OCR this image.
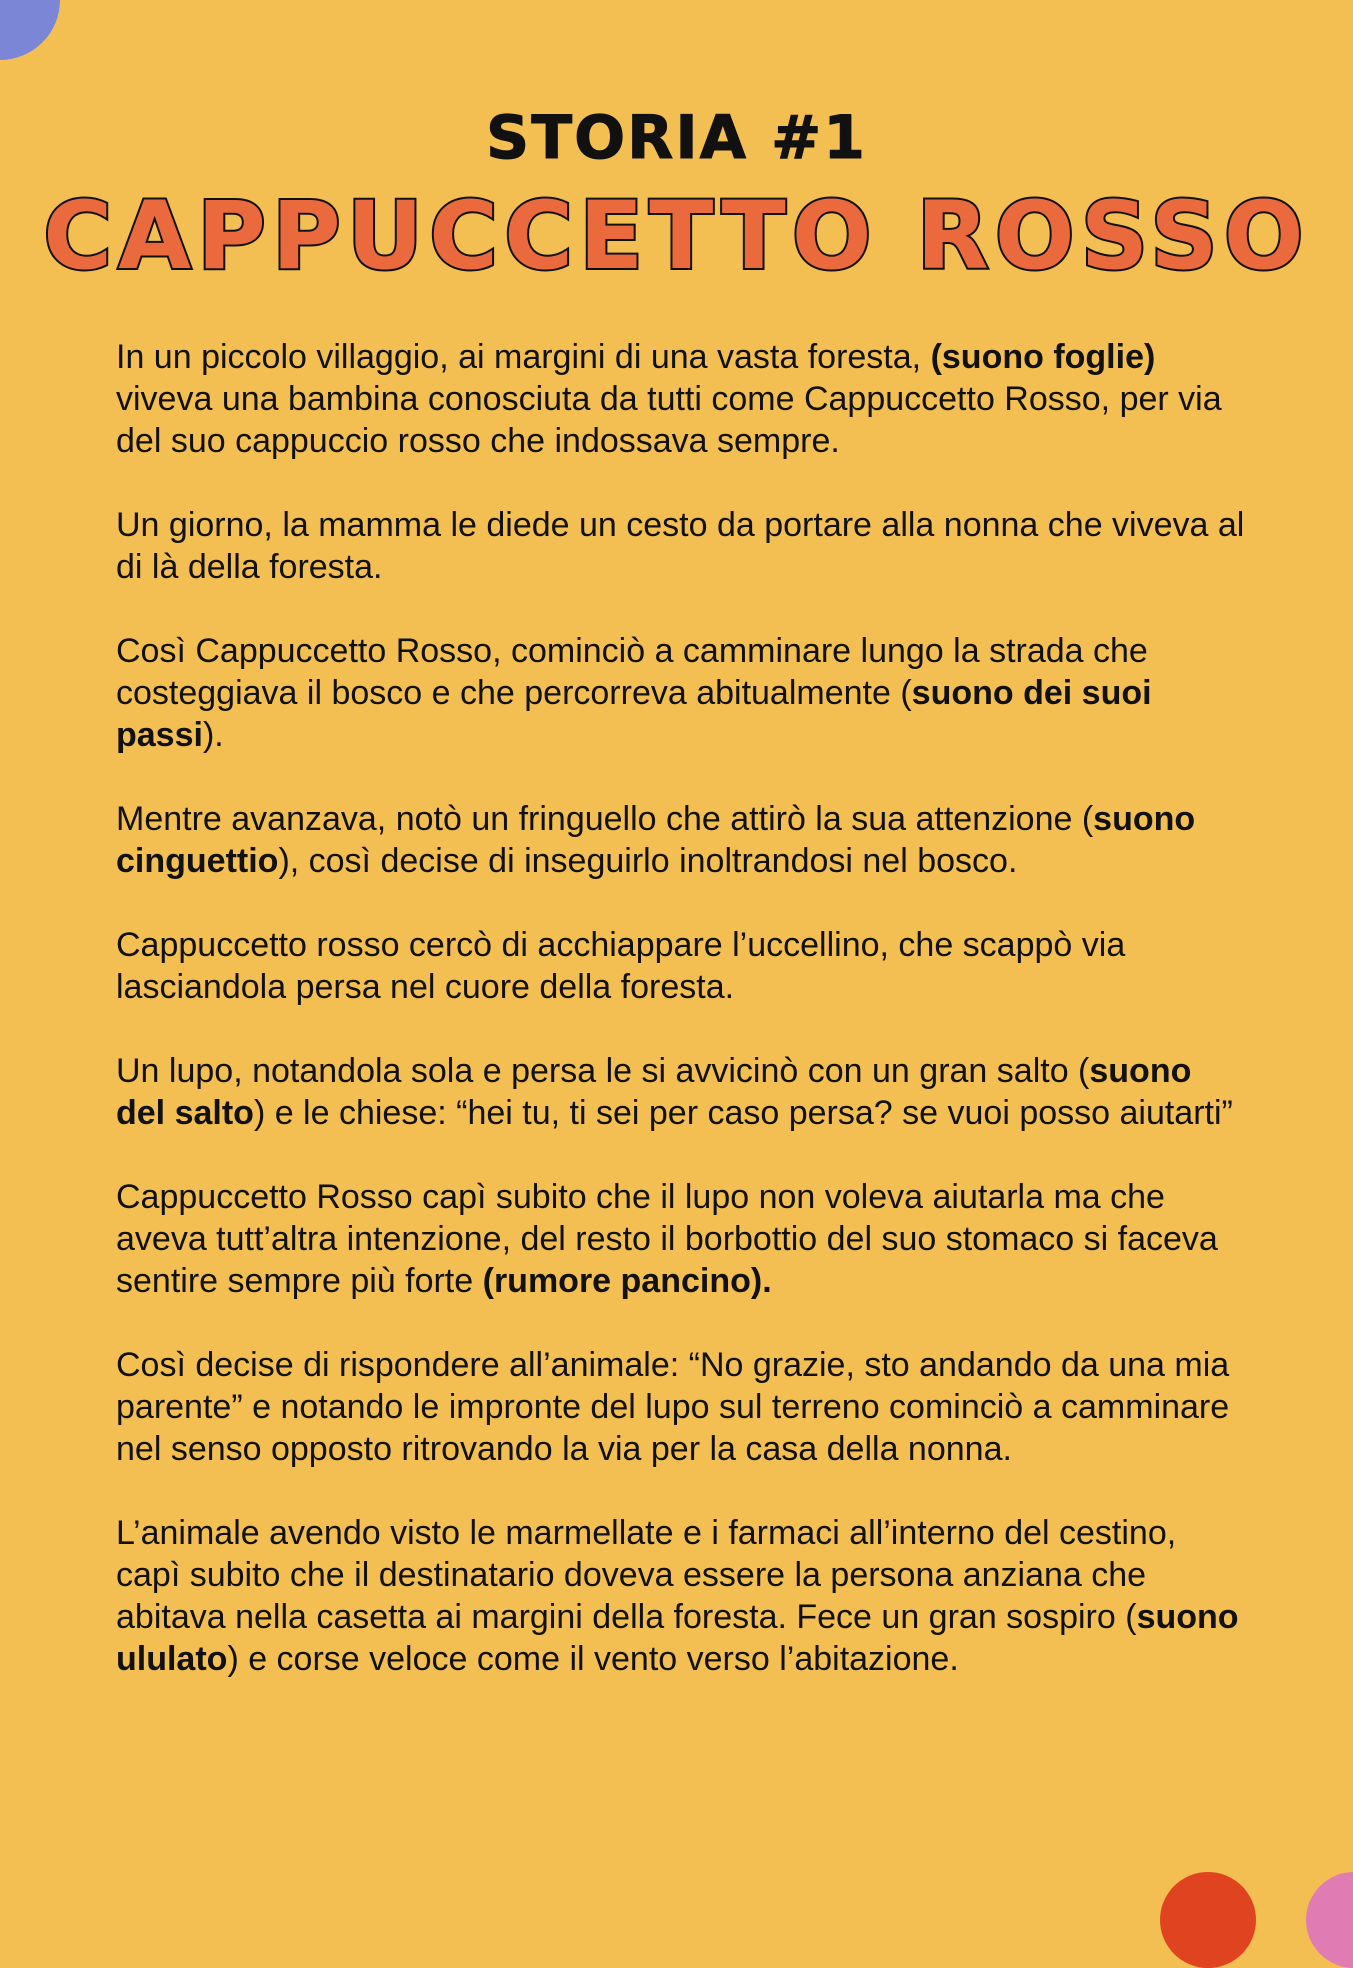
STORIA #1
CAPPUCCETTO ROSSO

In un piccolo villaggio, ai margini di una vasta foresta, (suono foglie) viveva una bambina conosciuta da tutti come Cappuccetto Rosso, per via del suo cappuccio rosso che indossava sempre.

Un giorno, la mamma le diede un cesto da portare alla nonna che viveva al di là della foresta.

Così Cappuccetto Rosso, cominciò a camminare lungo la strada che costeggiava il bosco e che percorreva abitualmente (suono dei suoi passi).

Mentre avanzava, notò un fringuello che attirò la sua attenzione (suono cinguettio), così decise di inseguirlo inoltrandosi nel bosco.

Cappuccetto rosso cercò di acchiappare l’uccellino, che scappò via lasciandola persa nel cuore della foresta.

Un lupo, notandola sola e persa le si avvicinò con un gran salto (suono del salto) e le chiese: “hei tu, ti sei per caso persa? se vuoi posso aiutarti”

Cappuccetto Rosso capì subito che il lupo non voleva aiutarla ma che aveva tutt’altra intenzione, del resto il borbottio del suo stomaco si faceva sentire sempre più forte (rumore pancino).

Così decise di rispondere all’animale: “No grazie, sto andando da una mia parente” e notando le impronte del lupo sul terreno cominciò a camminare nel senso opposto ritrovando la via per la casa della nonna.

L’animale avendo visto le marmellate e i farmaci all’interno del cestino, capì subito che il destinatario doveva essere la persona anziana che abitava nella casetta ai margini della foresta. Fece un gran sospiro (suono ululato) e corse veloce come il vento verso l’abitazione.
